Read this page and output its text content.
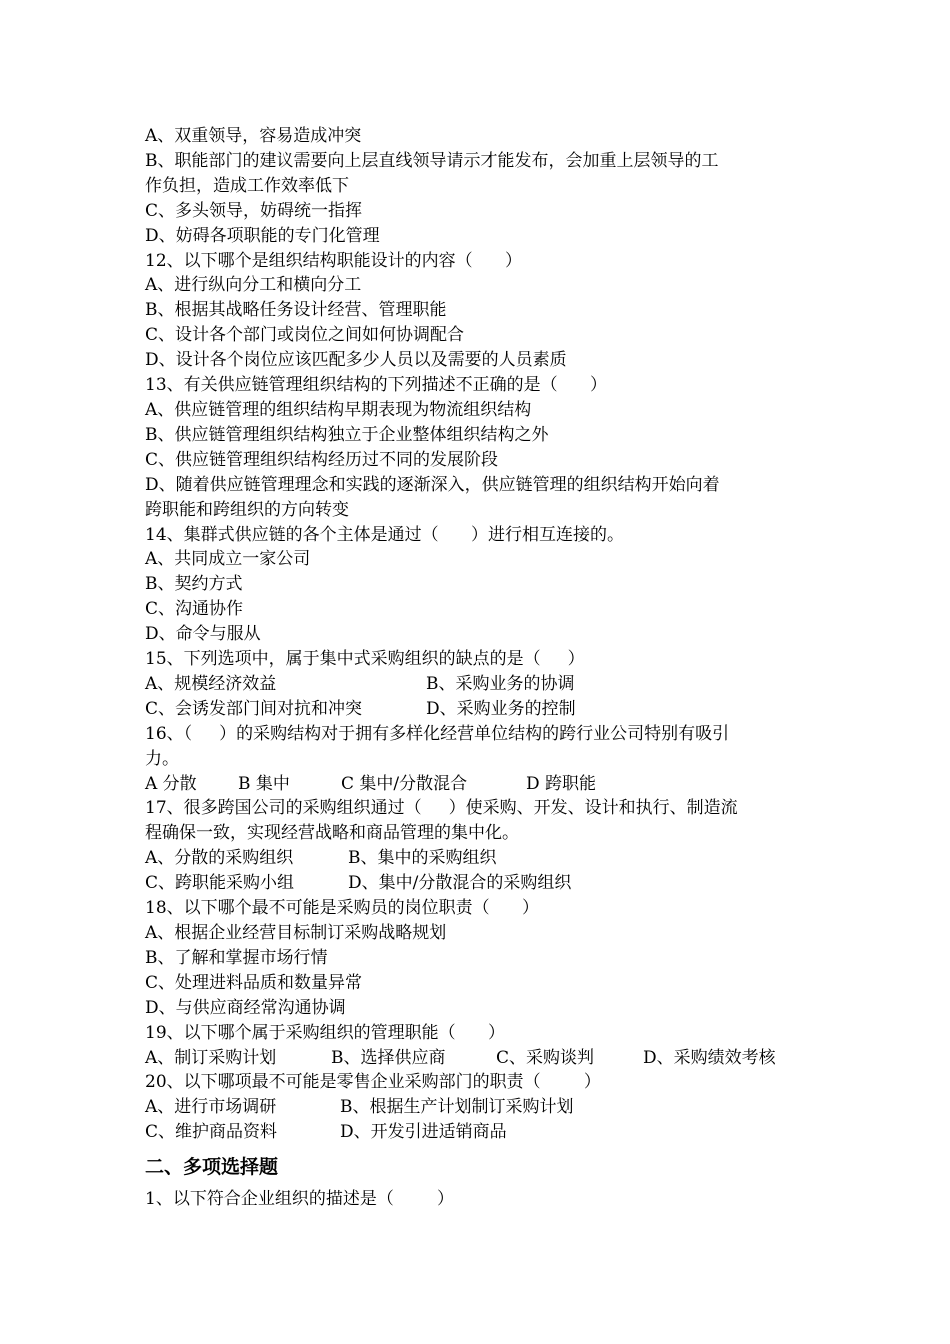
A、双重领导，容易造成冲突
B、职能部门的建议需要向上层直线领导请示才能发布，会加重上层领导的工
作负担，造成工作效率低下
C、多头领导，妨碍统一指挥
D、妨碍各项职能的专门化管理
12、以下哪个是组织结构职能设计的内容（      ）
A、进行纵向分工和横向分工
B、根据其战略任务设计经营、管理职能
C、设计各个部门或岗位之间如何协调配合
D、设计各个岗位应该匹配多少人员以及需要的人员素质
13、有关供应链管理组织结构的下列描述不正确的是（      ）
A、供应链管理的组织结构早期表现为物流组织结构
B、供应链管理组织结构独立于企业整体组织结构之外
C、供应链管理组织结构经历过不同的发展阶段
D、随着供应链管理理念和实践的逐渐深入，供应链管理的组织结构开始向着
跨职能和跨组织的方向转变
14、集群式供应链的各个主体是通过（      ）进行相互连接的。
A、共同成立一家公司
B、契约方式
C、沟通协作
D、命令与服从
15、下列选项中，属于集中式采购组织的缺点的是（     ）
A、规模经济效益	B、采购业务的协调
C、会诱发部门间对抗和冲突	D、采购业务的控制
16、（     ）的采购结构对于拥有多样化经营单位结构的跨行业公司特别有吸引
力。
A 分散	B 集中	C 集中/分散混合	D 跨职能
17、很多跨国公司的采购组织通过（     ）使采购、开发、设计和执行、制造流
程确保一致，实现经营战略和商品管理的集中化。
A、分散的采购组织	B、集中的采购组织
C、跨职能采购小组	D、集中/分散混合的采购组织
18、以下哪个最不可能是采购员的岗位职责（      ）
A、根据企业经营目标制订采购战略规划
B、了解和掌握市场行情
C、处理进料品质和数量异常
D、与供应商经常沟通协调
19、以下哪个属于采购组织的管理职能（      ）
A、制订采购计划	B、选择供应商	C、采购谈判	D、采购绩效考核
20、以下哪项最不可能是零售企业采购部门的职责（        ）
A、进行市场调研	B、根据生产计划制订采购计划
C、维护商品资料	D、开发引进适销商品
二、多项选择题
1、以下符合企业组织的描述是（        ）
